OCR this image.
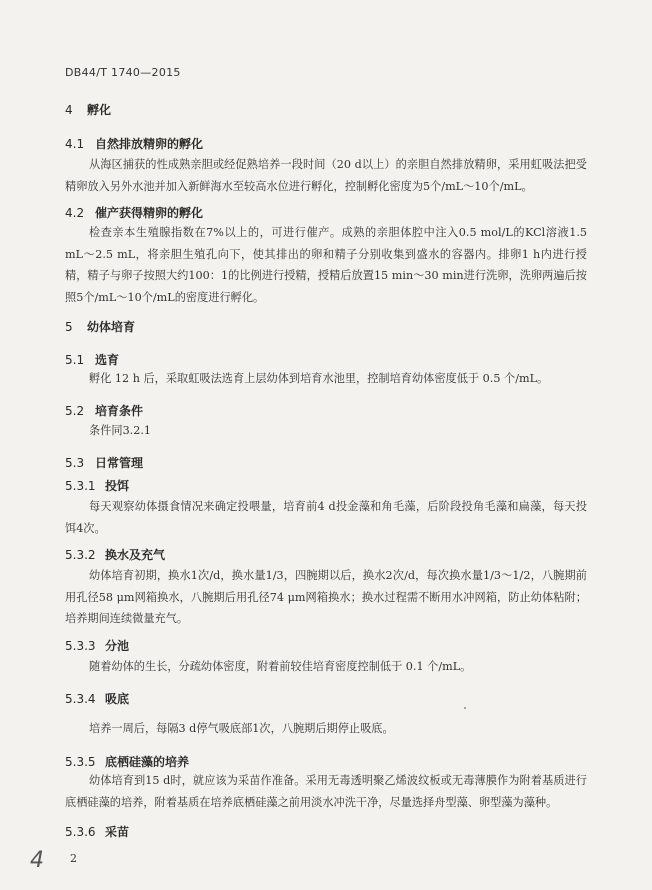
DB44/T 1740—2015
4 孵化
4.1 自然排放精卵的孵化
从海区捕获的性成熟亲胆或经促熟培养一段时间（20 d以上）的亲胆自然排放精卵，采用虹吸法把受精卵放入另外水池并加入新鲜海水至较高水位进行孵化，控制孵化密度为5个/mL～10个/mL。
4.2 催产获得精卵的孵化
检查亲本生殖腺指数在7%以上的，可进行催产。成熟的亲胆体腔中注入0.5 mol/L的KCl溶液1.5 mL～2.5 mL，将亲胆生殖孔向下，使其排出的卵和精子分别收集到盛水的容器内。排卵1 h内进行授精，精子与卵子按照大约100：1的比例进行授精，授精后放置15 min～30 min进行洗卵，洗卵两遍后按照5个/mL～10个/mL的密度进行孵化。
5 幼体培育
5.1 选育
孵化 12 h 后，采取虹吸法选育上层幼体到培育水池里，控制培育幼体密度低于 0.5 个/mL。
5.2 培育条件
条件同3.2.1
5.3 日常管理
5.3.1 投饵
每天观察幼体摄食情况来确定投喂量，培育前4 d投金藻和角毛藻，后阶段投角毛藻和扁藻，每天投饵4次。
5.3.2 换水及充气
幼体培育初期，换水1次/d，换水量1/3，四腕期以后，换水2次/d，每次换水量1/3～1/2，八腕期前用孔径58 μm网箱换水，八腕期后用孔径74 μm网箱换水；换水过程需不断用水冲网箱，防止幼体粘附；培养期间连续微量充气。
5.3.3 分池
随着幼体的生长，分疏幼体密度，附着前较佳培育密度控制低于 0.1 个/mL。
5.3.4 吸底
培养一周后，每隔3 d停气吸底部1次，八腕期后期停止吸底。
5.3.5 底栖硅藻的培养
幼体培育到15 d时，就应该为采苗作准备。采用无毒透明聚乙烯波纹板或无毒薄膜作为附着基质进行底栖硅藻的培养，附着基质在培养底栖硅藻之前用淡水冲洗干净，尽量选择舟型藻、卵型藻为藻种。
5.3.6 采苗
4 2
